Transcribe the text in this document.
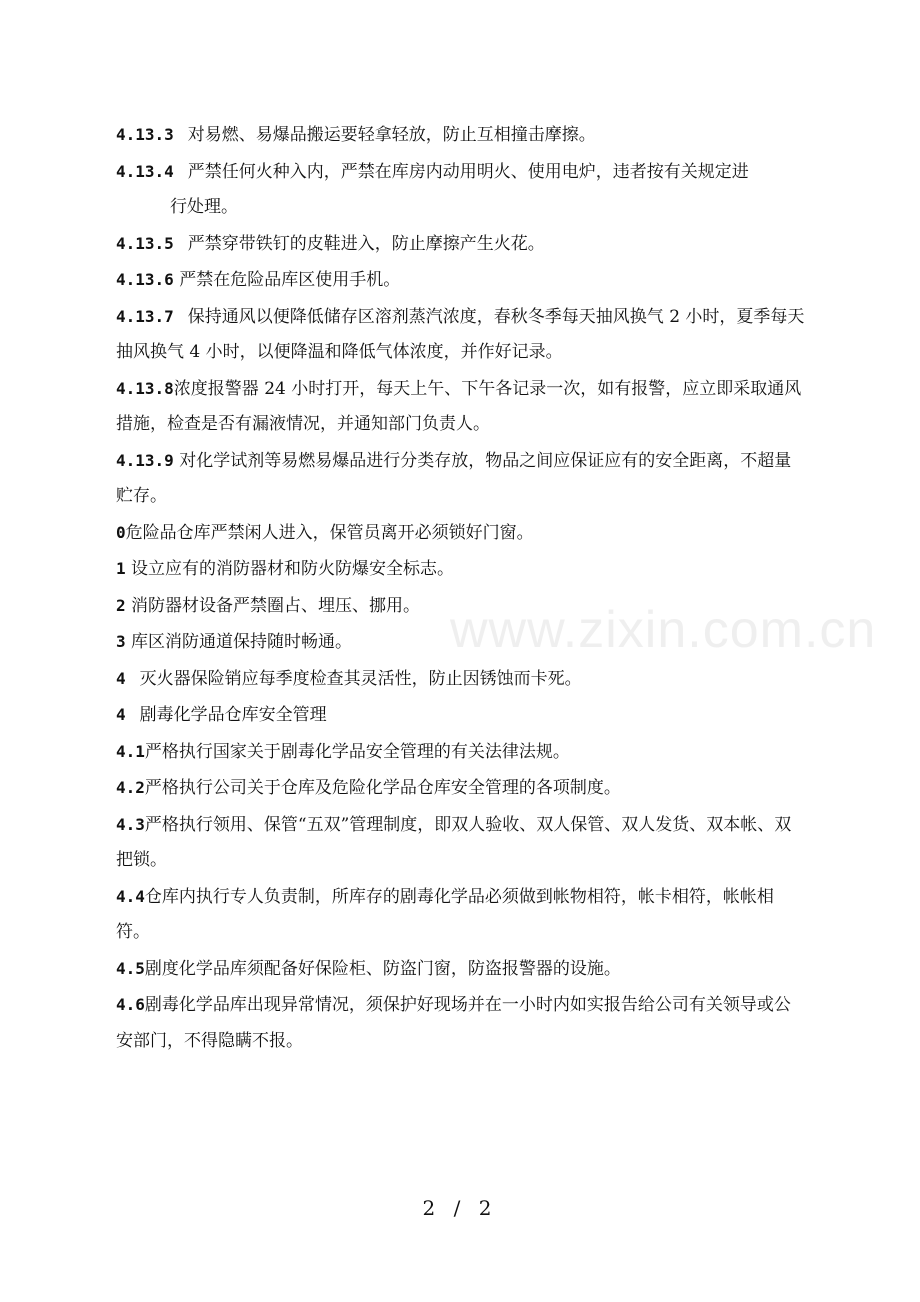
4.13.3 对易燃、易爆品搬运要轻拿轻放，防止互相撞击摩擦。
4.13.4 严禁任何火种入内，严禁在库房内动用明火、使用电炉，违者按有关规定进
行处理。
4.13.5 严禁穿带铁钉的皮鞋进入，防止摩擦产生火花。
4.13.6 严禁在危险品库区使用手机。
4.13.7 保持通风以便降低储存区溶剂蒸汽浓度，春秋冬季每天抽风换气 2 小时，夏季每天抽风换气 4 小时，以便降温和降低气体浓度，并作好记录。
4.13.8浓度报警器 24 小时打开，每天上午、下午各记录一次，如有报警，应立即采取通风措施，检查是否有漏液情况，并通知部门负责人。
4.13.9 对化学试剂等易燃易爆品进行分类存放，物品之间应保证应有的安全距离，不超量贮存。
0危险品仓库严禁闲人进入，保管员离开必须锁好门窗。
1 设立应有的消防器材和防火防爆安全标志。
2 消防器材设备严禁圈占、埋压、挪用。
3 库区消防通道保持随时畅通。
4 灭火器保险销应每季度检查其灵活性，防止因锈蚀而卡死。
4 剧毒化学品仓库安全管理
4.1严格执行国家关于剧毒化学品安全管理的有关法律法规。
4.2严格执行公司关于仓库及危险化学品仓库安全管理的各项制度。
4.3严格执行领用、保管“五双”管理制度，即双人验收、双人保管、双人发货、双本帐、双把锁。
4.4仓库内执行专人负责制，所库存的剧毒化学品必须做到帐物相符，帐卡相符，帐帐相符。
4.5剧度化学品库须配备好保险柜、防盗门窗，防盗报警器的设施。
4.6剧毒化学品库出现异常情况，须保护好现场并在一小时内如实报告给公司有关领导或公安部门，不得隐瞒不报。
www.zixin.com.cn
2 / 2
